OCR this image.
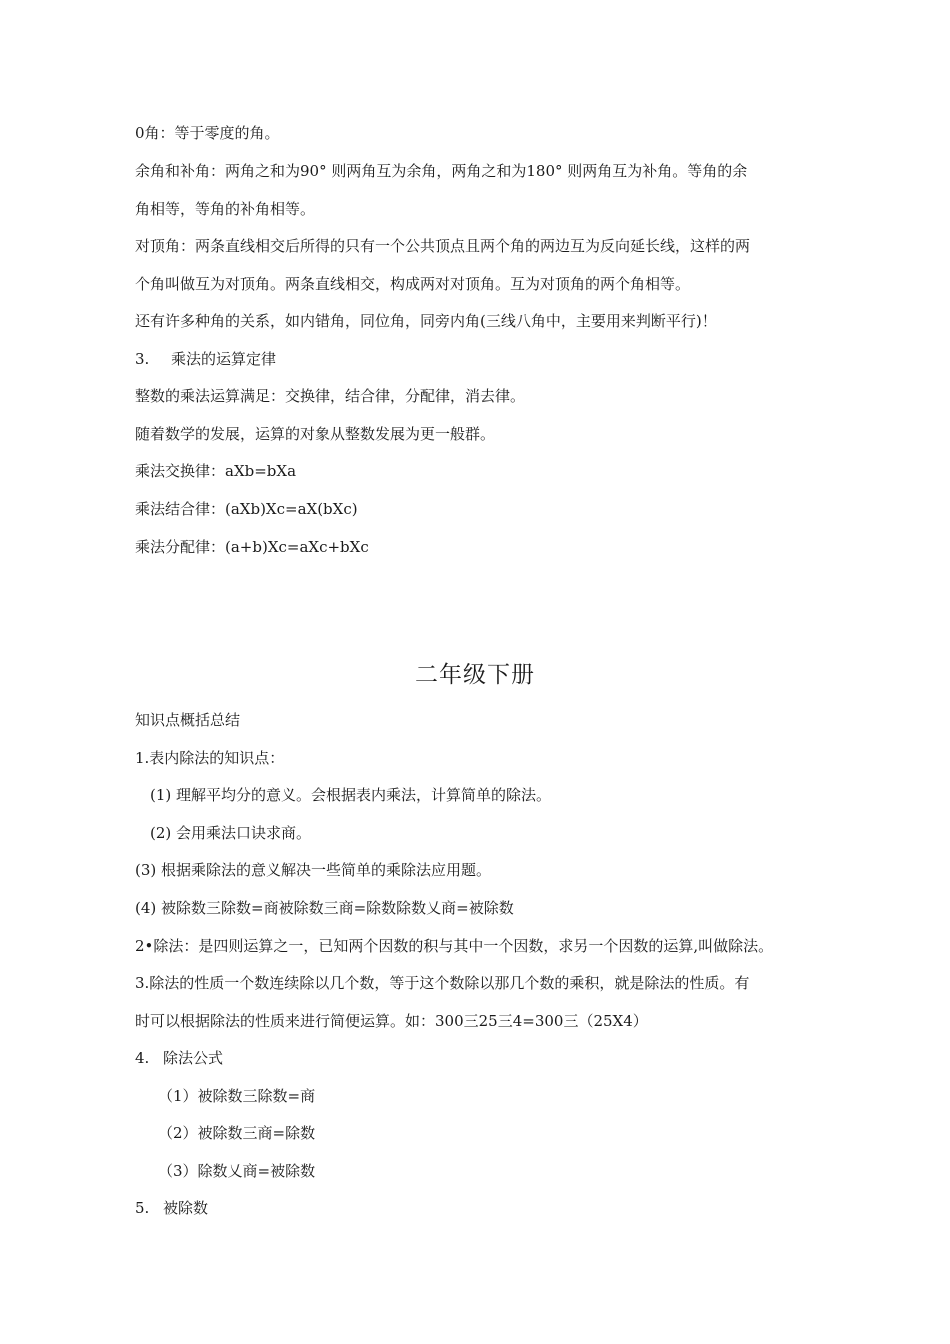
0角：等于零度的角。
余角和补角：两角之和为90° 则两角互为余角，两角之和为180° 则两角互为补角。等角的余
角相等，等角的补角相等。
对顶角：两条直线相交后所得的只有一个公共顶点且两个角的两边互为反向延长线，这样的两
个角叫做互为对顶角。两条直线相交，构成两对对顶角。互为对顶角的两个角相等。
还有许多种角的关系，如内错角，同位角，同旁内角(三线八角中，主要用来判断平行)！
3. 乘法的运算定律
整数的乘法运算满足：交换律，结合律，分配律，消去律。
随着数学的发展，运算的对象从整数发展为更一般群。
乘法交换律：aXb=bXa
乘法结合律：(aXb)Xc=aX(bXc)
乘法分配律：(a+b)Xc=aXc+bXc
二年级下册
知识点概括总结
1.表内除法的知识点：
(1) 理解平均分的意义。会根据表内乘法，计算简单的除法。
(2) 会用乘法口诀求商。
(3) 根据乘除法的意义解决一些简单的乘除法应用题。
(4) 被除数三除数=商被除数三商=除数除数乂商=被除数
2•除法：是四则运算之一，已知两个因数的积与其中一个因数，求另一个因数的运算,叫做除法。
3.除法的性质一个数连续除以几个数，等于这个数除以那几个数的乘积，就是除法的性质。有
时可以根据除法的性质来进行简便运算。如：300三25三4=300三（25X4）
4. 除法公式
（1）被除数三除数=商
（2）被除数三商=除数
（3）除数乂商=被除数
5. 被除数
